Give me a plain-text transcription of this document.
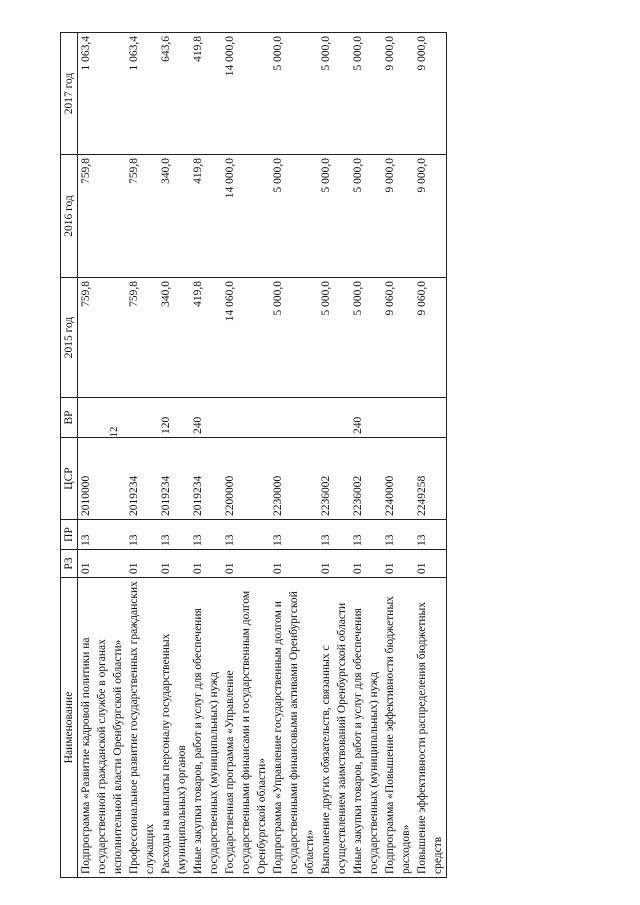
12
Наименование	РЗ	ПР	ЦСР	ВР	2015 год	2016 год	2017 год
Подпрограмма «Развитие кадровой политики на государственной гражданской службе в органах исполнительной власти Оренбургской области»	01	13	2010000		759,8	759,8	1 063,4
Профессиональное развитие государственных гражданских служащих	01	13	2019234		759,8	759,8	1 063,4
Расходы на выплаты персоналу государственных (муниципальных) органов	01	13	2019234	120	340,0	340,0	643,6
Иные закупки товаров, работ и услуг для обеспечения государственных (муниципальных) нужд	01	13	2019234	240	419,8	419,8	419,8
Государственная программа «Управление государственными финансами и государственным долгом Оренбургской области»	01	13	2200000		14 060,0	14 000,0	14 000,0
Подпрограмма «Управление государственным долгом и государственными финансовыми активами Оренбургской области»	01	13	2230000		5 000,0	5 000,0	5 000,0
Выполнение других обязательств, связанных с осуществлением заимствований Оренбургской области	01	13	2236002		5 000,0	5 000,0	5 000,0
Иные закупки товаров, работ и услуг для обеспечения государственных (муниципальных) нужд	01	13	2236002	240	5 000,0	5 000,0	5 000,0
Подпрограмма «Повышение эффективности бюджетных расходов»	01	13	2240000		9 060,0	9 000,0	9 000,0
Повышение эффективности распределения бюджетных средств	01	13	2249258		9 060,0	9 000,0	9 000,0
